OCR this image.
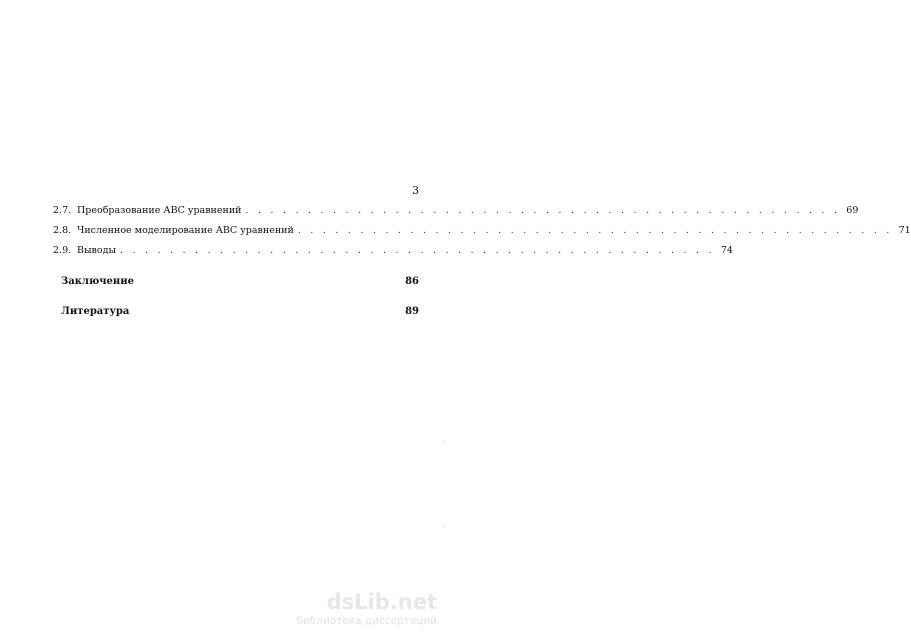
3
2.7. Преобразование АВС уравнений . . . . . . . . . . . . . . . . . . . . . . . . . . . . . . . . . . . . . . . . . . . . . . . . 69
2.8. Численное моделирование АВС уравнений . . . . . . . . . . . . . . . . . . . . . . . . . . . . . . . . . . . . . . . . . . . . . . . . 71
2.9. Выводы . . . . . . . . . . . . . . . . . . . . . . . . . . . . . . . . . . . . . . . . . . . . . . . . 74
Заключение	86
Литература	89
dsLib.net
библиотека диссертаций
